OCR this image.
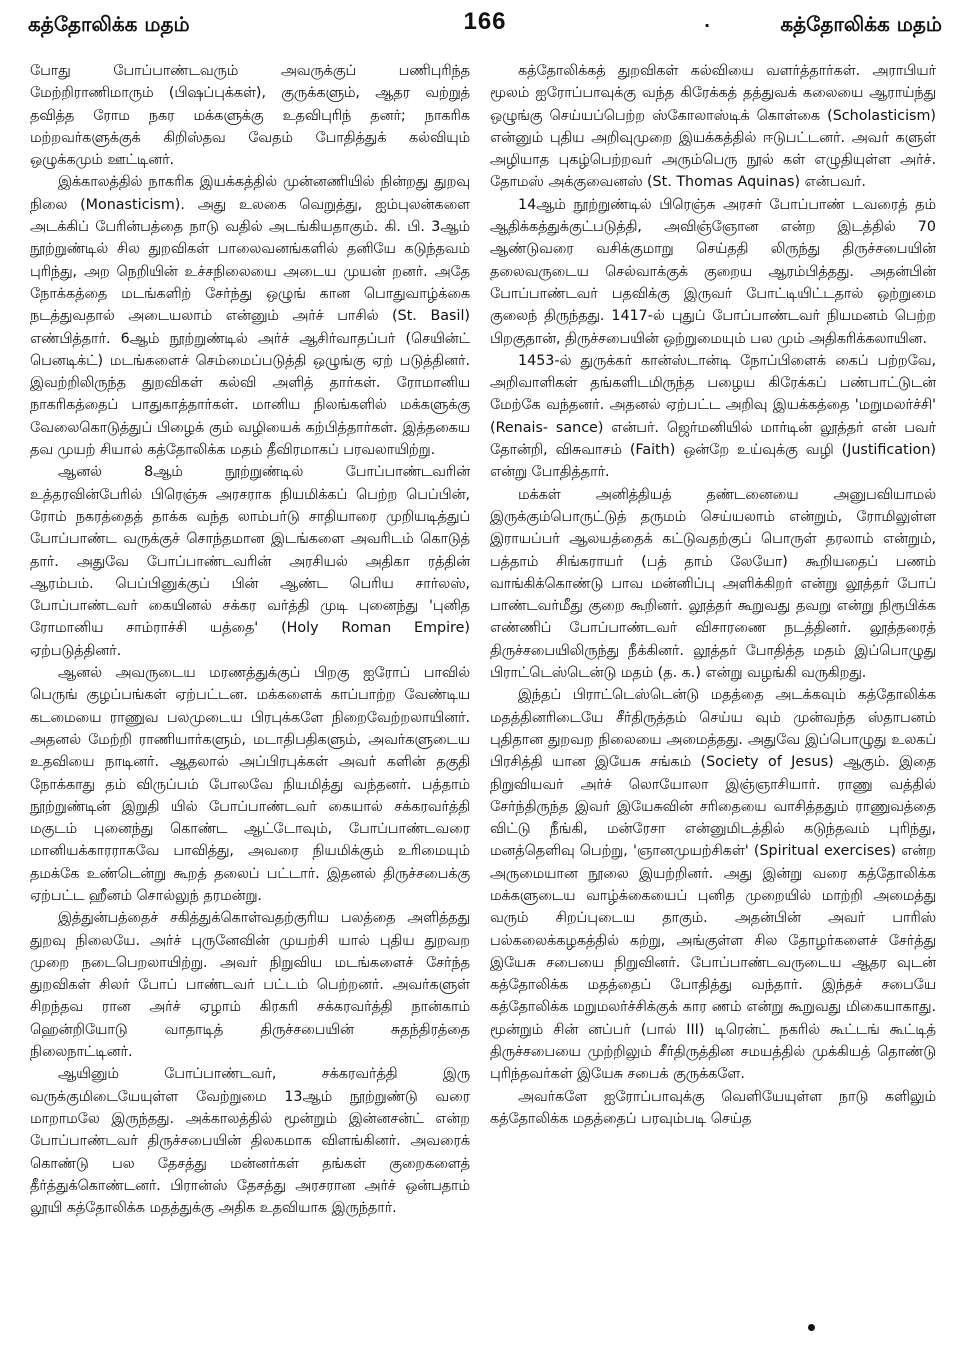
கத்தோலிக்க மதம்	166	கத்தோலிக்க மதம்
.

போது போப்பாண்டவரும் அவருக்குப் பணிபுரிந்த மேற்றிராணிமாரும் (பிஷப்புக்கள்), குருக்களும், ஆதர வற்றுத் தவித்த ரோம நகர மக்களுக்கு உதவிபுரிந் தனர்; நாகரிக மற்றவர்களுக்குக் கிறிஸ்தவ வேதம் போதித்துக் கல்வியும் ஒழுக்கமும் ஊட்டினர்.

இக்காலத்தில் நாகரிக இயக்கத்தில் முன்னணியில் நின்றது துறவு நிலை (Monasticism). அது உலகை வெறுத்து, ஐம்புலன்களை அடக்கிப் பேரின்பத்தை நாடு வதில் அடங்கியதாகும். கி. பி. 3ஆம் நூற்றுண்டில் சில துறவிகள் பாலைவனங்களில் தனியே கடுந்தவம் புரிந்து, அற நெறியின் உச்சநிலையை அடைய முயன் றனர். அதே நோக்கத்தை மடங்களிற் சேர்ந்து ஒழுங் கான பொதுவாழ்க்கை நடத்துவதால் அடையலாம் என்னும் அர்ச் பாசில் (St. Basil) எண்பித்தார். 6ஆம் நூற்றுண்டில் அர்ச் ஆசிர்வாதப்பர் (செயின்ட் பெனடிக்ட்) மடங்களைச் செம்மைப்படுத்தி ஒழுங்கு ஏற் படுத்தினர். இவற்றிலிருந்த துறவிகள் கல்வி அளித் தார்கள். ரோமானிய நாகரிகத்தைப் பாதுகாத்தார்கள். மானிய நிலங்களில் மக்களுக்கு வேலைகொடுத்துப் பிழைக் கும் வழியைக் கற்பித்தார்கள். இத்தகைய தவ முயற் சியால் கத்தோலிக்க மதம் தீவிரமாகப் பரவலாயிற்று.

ஆனல் 8ஆம் நூற்றுண்டில் போப்பாண்டவரின் உத்தரவின்பேரில் பிரெஞ்சு அரசராக நியமிக்கப் பெற்ற பெப்பின், ரோம் நகரத்தைத் தாக்க வந்த லாம்பர்டு சாதியாரை முறியடித்துப் போப்பாண்ட வருக்குச் சொந்தமான இடங்களை அவரிடம் கொடுத் தார். அதுவே போப்பாண்டவரின் அரசியல் அதிகா ரத்தின் ஆரம்பம். பெப்பினுக்குப் பின் ஆண்ட பெரிய சார்லஸ், போப்பாண்டவர் கையினல் சக்கர வர்த்தி முடி புனைந்து 'புனித ரோமானிய சாம்ராச்சி யத்தை' (Holy Roman Empire) ஏற்படுத்தினர்.

ஆனல் அவருடைய மரணத்துக்குப் பிறகு ஐரோப் பாவில் பெருங் குழப்பங்கள் ஏற்பட்டன. மக்களைக் காப்பாற்ற வேண்டிய கடமையை ராணுவ பலமுடைய பிரபுக்களே நிறைவேற்றலாயினர். அதனல் மேற்றி ராணியார்களும், மடாதிபதிகளும், அவர்களுடைய உதவியை நாடினர். ஆதலால் அப்பிரபுக்கள் அவர் களின் தகுதி நோக்காது தம் விருப்பம் போலவே நியமித்து வந்தனர். பத்தாம் நூற்றுண்டின் இறுதி யில் போப்பாண்டவர் கையால் சக்கரவர்த்தி மகுடம் புனைந்து கொண்ட ஆட்டோவும், போப்பாண்டவரை மானியக்காரராகவே பாவித்து, அவரை நியமிக்கும் உரிமையும் தமக்கே உண்டென்று கூறத் தலைப் பட்டார். இதனல் திருச்சபைக்கு ஏற்பட்ட ஹீனம் சொல்லுந் தரமன்று.

இத்துன்பத்தைச் சகித்துக்கொள்வதற்குரிய பலத்தை அளித்தது துறவு நிலையே. அர்ச் புருனேவின் முயற்சி யால் புதிய துறவற முறை நடைபெறலாயிற்று. அவர் நிறுவிய மடங்களைச் சேர்ந்த துறவிகள் சிலர் போப் பாண்டவர் பட்டம் பெற்றனர். அவர்களுள் சிறந்தவ ரான அர்ச் ஏழாம் கிரகரி சக்கரவர்த்தி நான்காம் ஹென்றியோடு வாதாடித் திருச்சபையின் சுதந்திரத்தை நிலைநாட்டினர்.

ஆயினும் போப்பாண்டவர், சக்கரவர்த்தி இரு வருக்குமிடையேயுள்ள வேற்றுமை 13ஆம் நூற்றுண்டு வரை மாறாமலே இருந்தது. அக்காலத்தில் மூன்றும் இன்னசன்ட் என்ற போப்பாண்டவர் திருச்சபையின் திலகமாக விளங்கினர். அவரைக் கொண்டு பல தேசத்து மன்னர்கள் தங்கள் குறைகளைத் தீர்த்துக்கொண்டனர். பிரான்ஸ் தேசத்து அரசரான அர்ச் ஒன்பதாம் லூயி கத்தோலிக்க மதத்துக்கு அதிக உதவியாக இருந்தார்.

கத்தோலிக்கத் துறவிகள் கல்வியை வளர்த்தார்கள். அராபியர் மூலம் ஐரோப்பாவுக்கு வந்த கிரேக்கத் தத்துவக் கலையை ஆராய்ந்து ஒழுங்கு செய்யப்பெற்ற ஸ்கோலாஸ்டிக் கொள்கை (Scholasticism) என்னும் புதிய அறிவுமுறை இயக்கத்தில் ஈடுபட்டனர். அவர் களுள் அழியாத புகழ்பெற்றவர் அரும்பெரு நூல் கள் எழுதியுள்ள அர்ச். தோமஸ் அக்குவைனஸ் (St. Thomas Aquinas) என்பவர்.

14ஆம் நூற்றுண்டில் பிரெஞ்சு அரசர் போப்பாண் டவரைத் தம் ஆதிக்கத்துக்குட்படுத்தி, அவிஞ்ஞோன என்ற இடத்தில் 70 ஆண்டுவரை வசிக்குமாறு செய்ததி லிருந்து திருச்சபையின் தலைவருடைய செல்வாக்குக் குறைய ஆரம்பித்தது. அதன்பின் போப்பாண்டவர் பதவிக்கு இருவர் போட்டியிட்டதால் ஒற்றுமை குலைந் திருந்தது. 1417-ல் புதுப் போப்பாண்டவர் நியமனம் பெற்ற பிறகுதான், திருச்சபையின் ஒற்றுமையும் பல மும் அதிகரிக்கலாயின.

1453-ல் துருக்கர் கான்ஸ்டான்டி நோப்பிளைக் கைப் பற்றவே, அறிவாளிகள் தங்களிடமிருந்த பழைய கிரேக்கப் பண்பாட்டுடன் மேற்கே வந்தனர். அதனல் ஏற்பட்ட அறிவு இயக்கத்தை 'மறுமலர்ச்சி' (Renais- sance) என்பர். ஜெர்மனியில் மார்டின் லூத்தர் என் பவர் தோன்றி, விசுவாசம் (Faith) ஒன்றே உய்வுக்கு வழி (Justification) என்று போதித்தார்.

மக்கள் அனித்தியத் தண்டனையை அனுபவியாமல் இருக்கும்பொருட்டுத் தருமம் செய்யலாம் என்றும், ரோமிலுள்ள இராயப்பர் ஆலயத்தைக் கட்டுவதற்குப் பொருள் தரலாம் என்றும், பத்தாம் சிங்கராயர் (பத் தாம் லேயோ) கூறியதைப் பணம் வாங்கிக்கொண்டு பாவ மன்னிப்பு அளிக்கிறர் என்று லூத்தர் போப் பாண்டவர்மீது குறை கூறினர். லூத்தர் கூறுவது தவறு என்று நிரூபிக்க எண்ணிப் போப்பாண்டவர் விசாரணை நடத்தினர். லூத்தரைத் திருச்சபையிலிருந்து நீக்கினர். லூத்தர் போதித்த மதம் இப்பொழுது பிராட்டெஸ்டென்டு மதம் (த. க.) என்று வழங்கி வருகிறது.

இந்தப் பிராட்டெஸ்டென்டு மதத்தை அடக்கவும் கத்தோலிக்க மதத்தினரிடையே சீர்திருத்தம் செய்ய வும் முன்வந்த ஸ்தாபனம் புதிதான துறவற நிலையை அமைத்தது. அதுவே இப்பொழுது உலகப் பிரசித்தி யான இயேசு சங்கம் (Society of Jesus) ஆகும். இதை நிறுவியவர் அர்ச் லொயோலா இஞ்ஞாசியார். ராணு வத்தில் சேர்ந்திருந்த இவர் இயேசுவின் சரிதையை வாசித்ததும் ராணுவத்தை விட்டு நீங்கி, மன்ரேசா என்னுமிடத்தில் கடுந்தவம் புரிந்து, மனத்தெளிவு பெற்று, 'ஞானமுயற்சிகள்' (Spiritual exercises) என்ற அருமையான நூலை இயற்றினர். அது இன்று வரை கத்தோலிக்க மக்களுடைய வாழ்க்கையைப் புனித முறையில் மாற்றி அமைத்து வரும் சிறப்புடைய தாகும். அதன்பின் அவர் பாரிஸ் பல்கலைக்கழகத்தில் கற்று, அங்குள்ள சில தோழர்களைச் சேர்த்து இயேசு சபையை நிறுவினர். போப்பாண்டவருடைய ஆதர வுடன் கத்தோலிக்க மதத்தைப் போதித்து வந்தார். இந்தச் சபையே கத்தோலிக்க மறுமலர்ச்சிக்குக் கார ணம் என்று கூறுவது மிகையாகாது. மூன்றும் சின் னப்பர் (பால் III) டிரென்ட் நகரில் கூட்டங் கூட்டித் திருச்சபையை முற்றிலும் சீர்திருத்தின சமயத்தில் முக்கியத் தொண்டு புரிந்தவர்கள் இயேசு சபைக் குருக்களே.

அவர்களே ஐரோப்பாவுக்கு வெளியேயுள்ள நாடு களிலும் கத்தோலிக்க மதத்தைப் பரவும்படி செய்த
